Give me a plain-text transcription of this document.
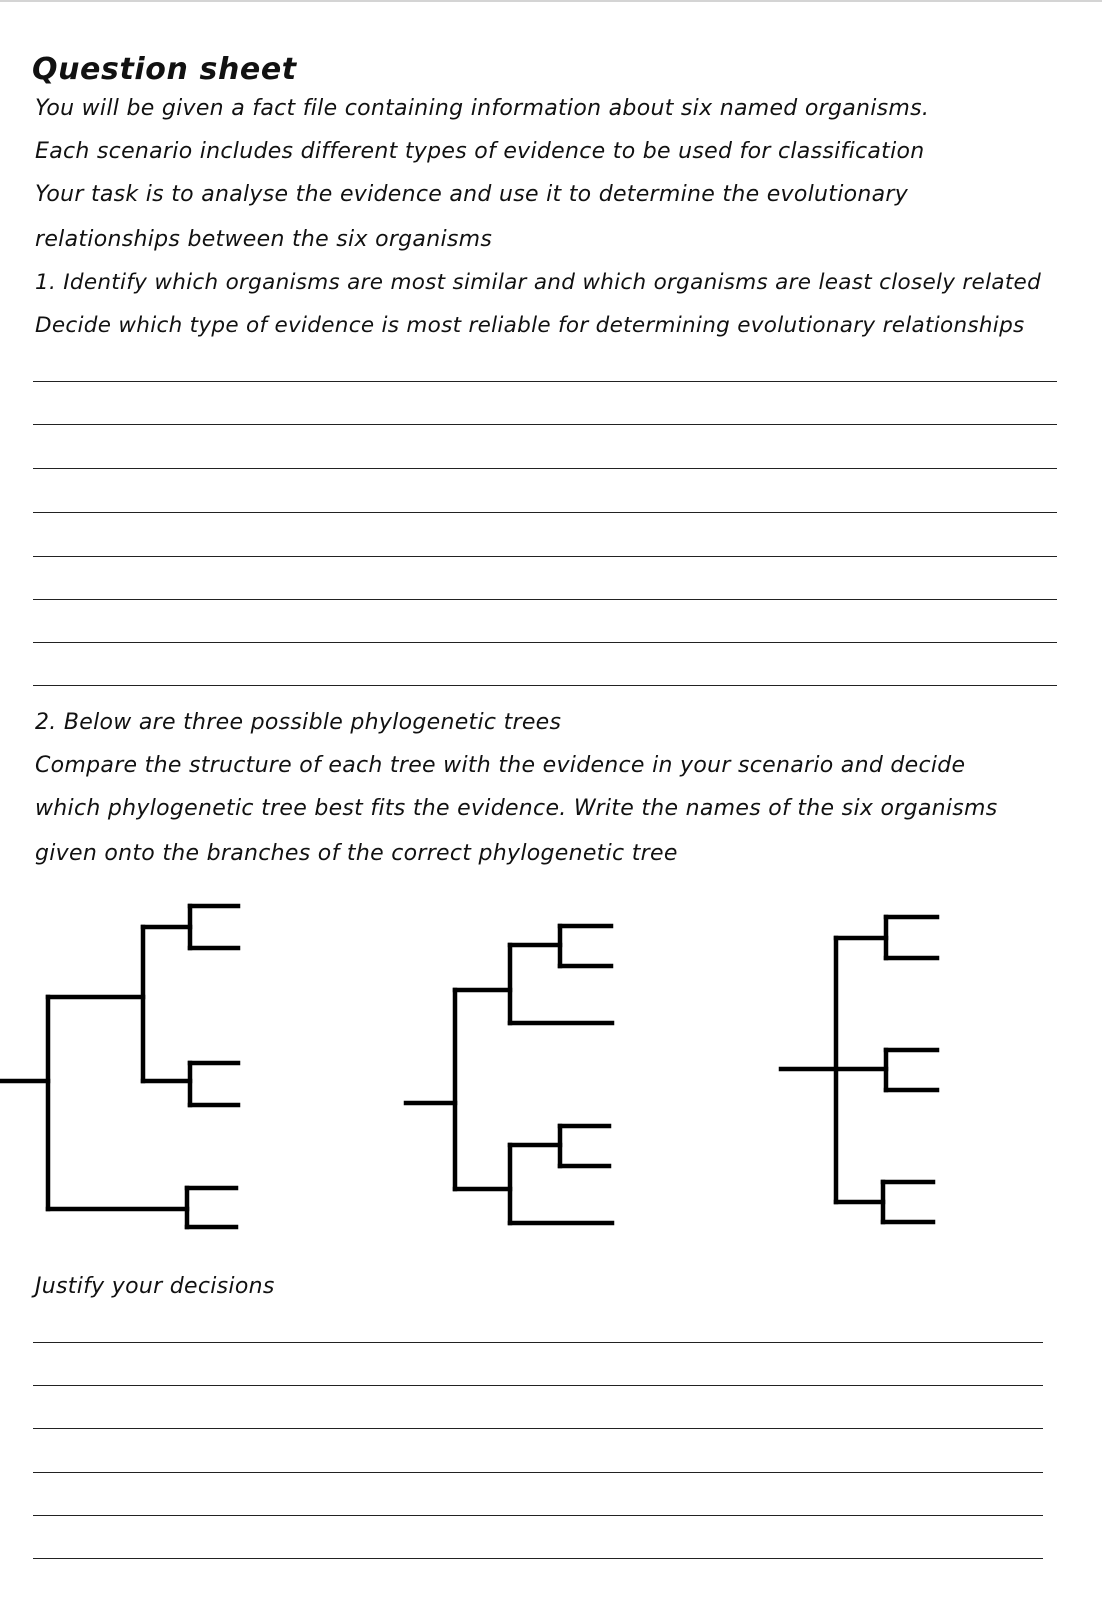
Question sheet
You will be given a fact file containing information about six named organisms.
Each scenario includes different types of evidence to be used for classification
Your task is to analyse the evidence and use it to determine the evolutionary
relationships between the six organisms
1. Identify which organisms are most similar and which organisms are least closely related
Decide which type of evidence is most reliable for determining evolutionary relationships
2. Below are three possible phylogenetic trees
Compare the structure of each tree with the evidence in your scenario and decide
which phylogenetic tree best fits the evidence. Write the names of the six organisms
given onto the branches of the correct phylogenetic tree
Justify your decisions
